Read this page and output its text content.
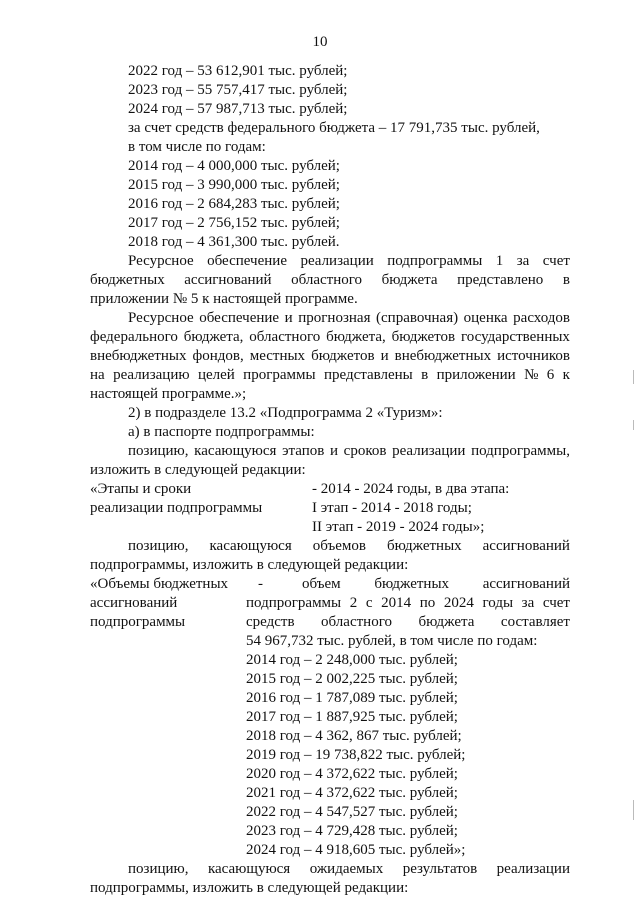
10
2022 год – 53 612,901 тыс. рублей;
2023 год – 55 757,417 тыс. рублей;
2024 год – 57 987,713 тыс. рублей;
за счет средств федерального бюджета – 17 791,735 тыс. рублей,
в том числе по годам:
2014 год – 4 000,000 тыс. рублей;
2015 год – 3 990,000 тыс. рублей;
2016 год – 2 684,283 тыс. рублей;
2017 год – 2 756,152 тыс. рублей;
2018 год – 4 361,300 тыс. рублей.
Ресурсное обеспечение реализации подпрограммы 1 за счет
бюджетных ассигнований областного бюджета представлено в
приложении № 5 к настоящей программе.
Ресурсное обеспечение и прогнозная (справочная) оценка расходов
федерального бюджета, областного бюджета, бюджетов государственных
внебюджетных фондов, местных бюджетов и внебюджетных источников
на реализацию целей программы представлены в приложении № 6 к
настоящей программе.»;
2) в подразделе 13.2 «Подпрограмма 2 «Туризм»:
а) в паспорте подпрограммы:
позицию, касающуюся этапов и сроков реализации подпрограммы,
изложить в следующей редакции:
«Этапы и сроки
реализации подпрограммы
- 2014 - 2024 годы, в два этапа:
I этап - 2014 - 2018 годы;
II этап - 2019 - 2024 годы»;
позицию, касающуюся объемов бюджетных ассигнований
подпрограммы, изложить в следующей редакции:
«Объемы бюджетных
ассигнований
подпрограммы
-	объем бюджетных ассигнований
подпрограммы 2 с 2014 по 2024 годы за счет
средств областного бюджета составляет
54 967,732 тыс. рублей, в том числе по годам:
2014 год – 2 248,000 тыс. рублей;
2015 год – 2 002,225 тыс. рублей;
2016 год – 1 787,089 тыс. рублей;
2017 год – 1 887,925 тыс. рублей;
2018 год – 4 362, 867 тыс. рублей;
2019 год – 19 738,822 тыс. рублей;
2020 год – 4 372,622 тыс. рублей;
2021 год – 4 372,622 тыс. рублей;
2022 год – 4 547,527 тыс. рублей;
2023 год – 4 729,428 тыс. рублей;
2024 год – 4 918,605 тыс. рублей»;
позицию, касающуюся ожидаемых результатов реализации
подпрограммы, изложить в следующей редакции:
